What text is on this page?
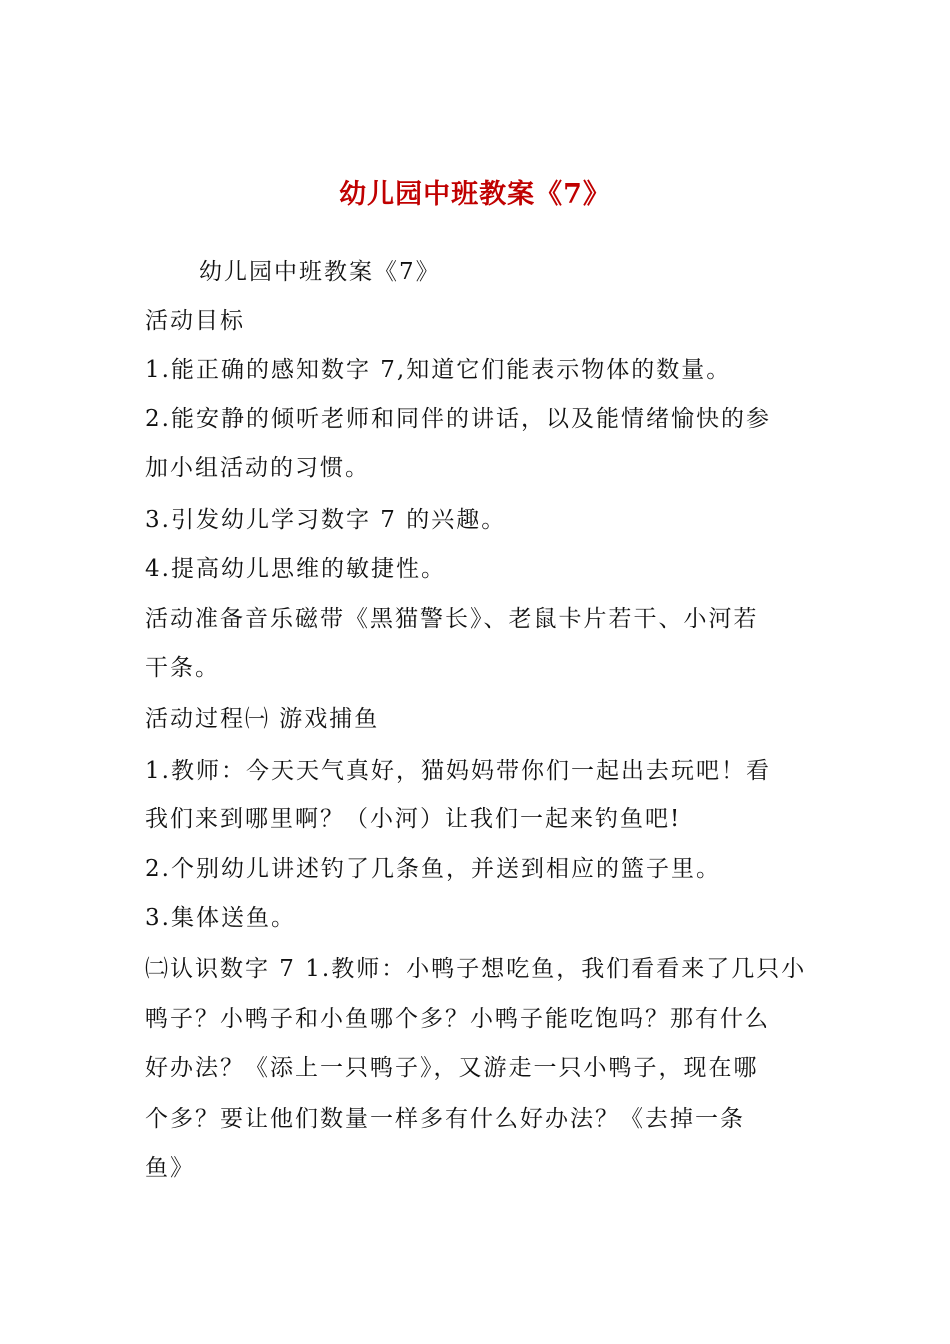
幼儿园中班教案《7》
幼儿园中班教案《7》
活动目标
1.能正确的感知数字 7,知道它们能表示物体的数量。
2.能安静的倾听老师和同伴的讲话，以及能情绪愉快的参
加小组活动的习惯。
3.引发幼儿学习数字 7 的兴趣。
4.提高幼儿思维的敏捷性。
活动准备音乐磁带《黑猫警长》、老鼠卡片若干、小河若
干条。
活动过程㈠ 游戏捕鱼
1.教师：今天天气真好，猫妈妈带你们一起出去玩吧！看
我们来到哪里啊？（小河）让我们一起来钓鱼吧!
2.个别幼儿讲述钓了几条鱼，并送到相应的篮子里。
3.集体送鱼。
㈡认识数字 7 1.教师：小鸭子想吃鱼，我们看看来了几只小
鸭子？小鸭子和小鱼哪个多？小鸭子能吃饱吗？那有什么
好办法？《添上一只鸭子》，又游走一只小鸭子，现在哪
个多？要让他们数量一样多有什么好办法？《去掉一条
鱼》
